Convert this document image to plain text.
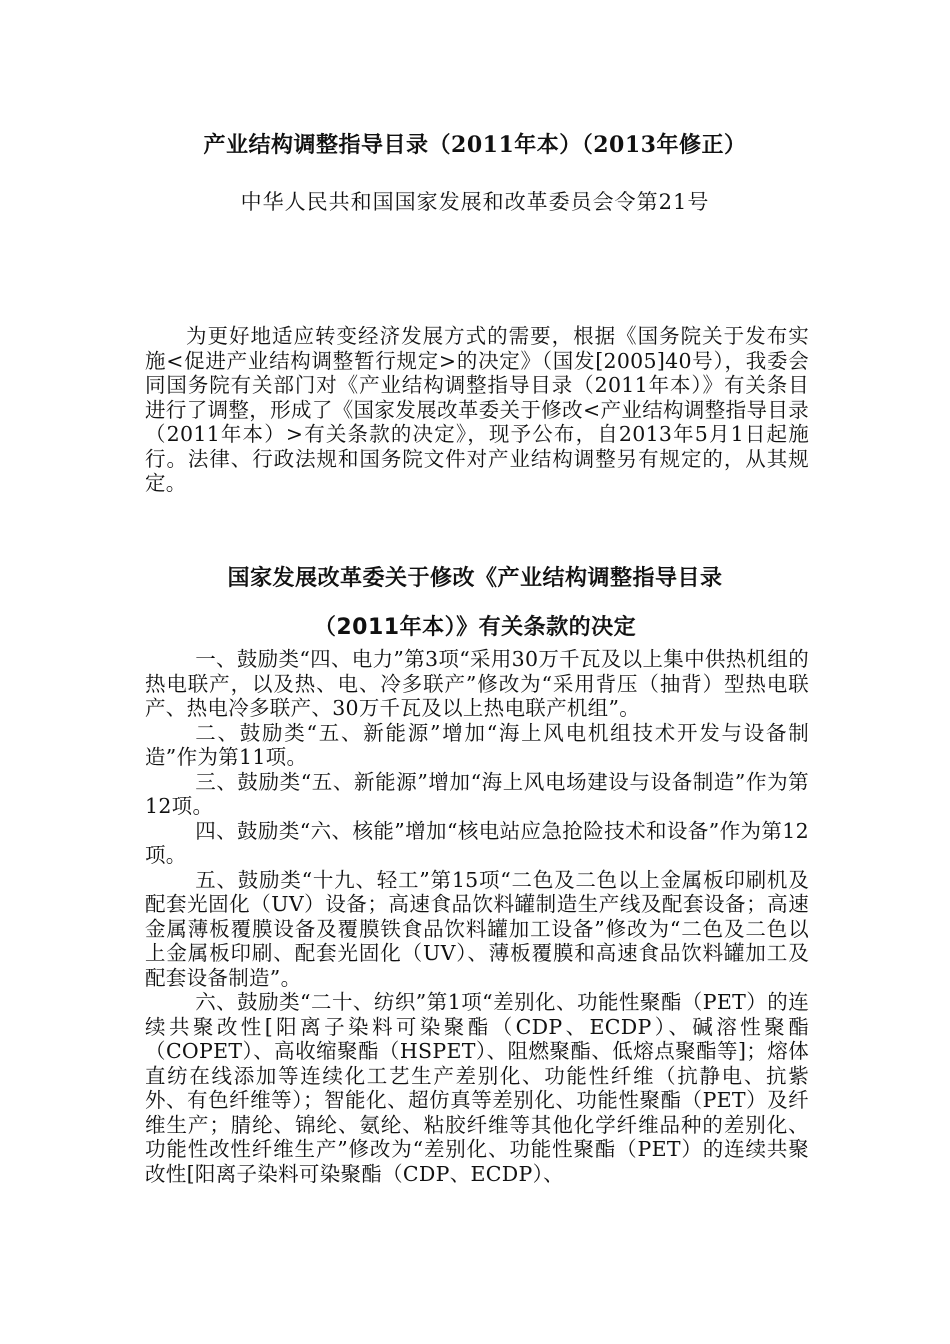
产业结构调整指导目录（2011年本）（2013年修正）

中华人民共和国国家发展和改革委员会令第21号

为更好地适应转变经济发展方式的需要，根据《国务院关于发布实施<促进产业结构调整暂行规定>的决定》（国发[2005]40号），我委会同国务院有关部门对《产业结构调整指导目录（2011年本）》有关条目进行了调整，形成了《国家发展改革委关于修改<产业结构调整指导目录（2011年本）>有关条款的决定》，现予公布，自2013年5月1日起施行。法律、行政法规和国务院文件对产业结构调整另有规定的，从其规定。

国家发展改革委关于修改《产业结构调整指导目录
（2011年本）》有关条款的决定

一、鼓励类“四、电力”第3项“采用30万千瓦及以上集中供热机组的热电联产，以及热、电、冷多联产”修改为“采用背压（抽背）型热电联产、热电冷多联产、30万千瓦及以上热电联产机组”。

二、鼓励类“五、新能源”增加“海上风电机组技术开发与设备制造”作为第11项。

三、鼓励类“五、新能源”增加“海上风电场建设与设备制造”作为第12项。

四、鼓励类“六、核能”增加“核电站应急抢险技术和设备”作为第12项。

五、鼓励类“十九、轻工”第15项“二色及二色以上金属板印刷机及配套光固化（UV）设备；高速食品饮料罐制造生产线及配套设备；高速金属薄板覆膜设备及覆膜铁食品饮料罐加工设备”修改为“二色及二色以上金属板印刷、配套光固化（UV）、薄板覆膜和高速食品饮料罐加工及配套设备制造”。

六、鼓励类“二十、纺织”第1项“差别化、功能性聚酯（PET）的连续共聚改性[阳离子染料可染聚酯（CDP、ECDP）、碱溶性聚酯（COPET）、高收缩聚酯（HSPET）、阻燃聚酯、低熔点聚酯等]；熔体直纺在线添加等连续化工艺生产差别化、功能性纤维（抗静电、抗紫外、有色纤维等）；智能化、超仿真等差别化、功能性聚酯（PET）及纤维生产；腈纶、锦纶、氨纶、粘胶纤维等其他化学纤维品种的差别化、功能性改性纤维生产”修改为“差别化、功能性聚酯（PET）的连续共聚改性[阳离子染料可染聚酯（CDP、ECDP）、
